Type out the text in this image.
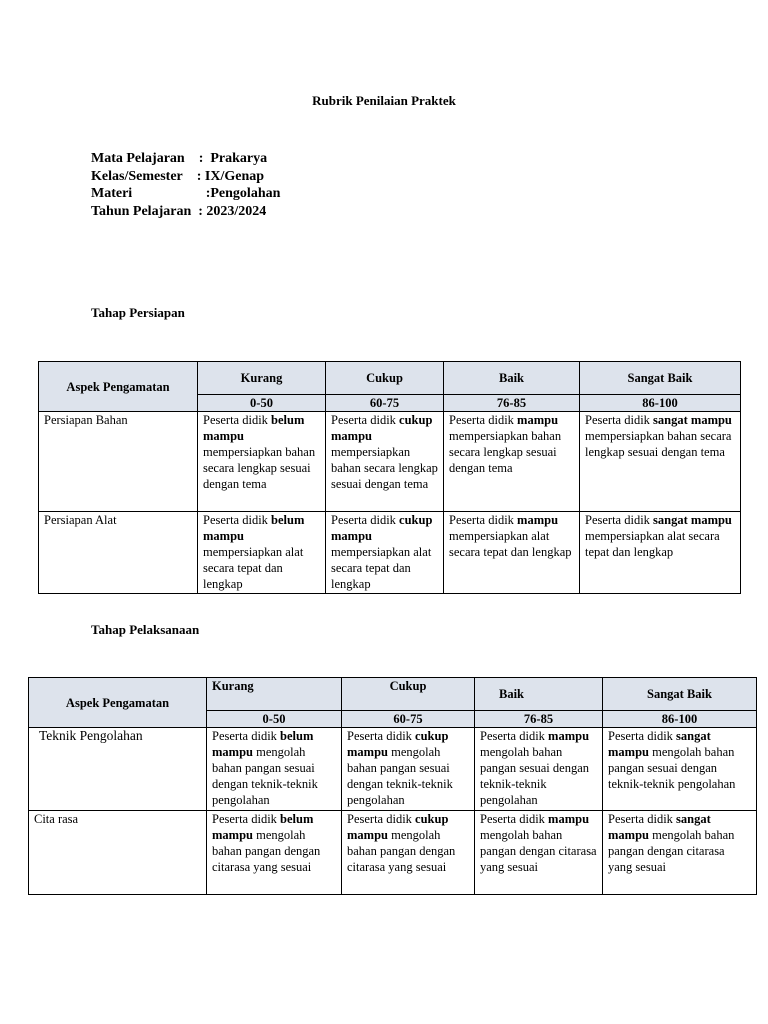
Rubrik Penilaian Praktek
Mata Pelajaran : Prakarya
Kelas/Semester : IX/Genap
Materi : Pengolahan
Tahun Pelajaran : 2023/2024
Tahap Persiapan
Aspek Pengamatan	Kurang	Cukup	Baik	Sangat Baik
	0-50	60-75	76-85	86-100
Persiapan Bahan	Peserta didik belum mampu mempersiapkan bahan secara lengkap sesuai dengan tema	Peserta didik cukup mampu mempersiapkan bahan secara lengkap sesuai dengan tema	Peserta didik mampu mempersiapkan bahan secara lengkap sesuai dengan tema	Peserta didik sangat mampu mempersiapkan bahan secara lengkap sesuai dengan tema
Persiapan Alat	Peserta didik belum mampu mempersiapkan alat secara tepat dan lengkap	Peserta didik cukup mampu mempersiapkan alat secara tepat dan lengkap	Peserta didik mampu mempersiapkan alat secara tepat dan lengkap	Peserta didik sangat mampu mempersiapkan alat secara tepat dan lengkap
Tahap Pelaksanaan
Aspek Pengamatan	Kurang	Cukup	Baik	Sangat Baik
	0-50	60-75	76-85	86-100
Teknik Pengolahan	Peserta didik belum mampu mengolah bahan pangan sesuai dengan teknik-teknik pengolahan	Peserta didik cukup mampu mengolah bahan pangan sesuai dengan teknik-teknik pengolahan	Peserta didik mampu mengolah bahan pangan sesuai dengan teknik-teknik pengolahan	Peserta didik sangat mampu mengolah bahan pangan sesuai dengan teknik-teknik pengolahan
Cita rasa	Peserta didik belum mampu mengolah bahan pangan dengan citarasa yang sesuai	Peserta didik cukup mampu mengolah bahan pangan dengan citarasa yang sesuai	Peserta didik mampu mengolah bahan pangan dengan citarasa yang sesuai	Peserta didik sangat mampu mengolah bahan pangan dengan citarasa yang sesuai
